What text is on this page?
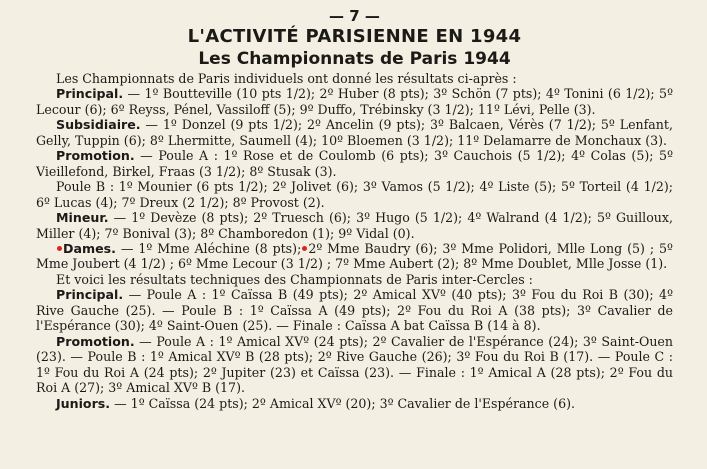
— 7 —
L'ACTIVITÉ PARISIENNE EN 1944
Les Championnats de Paris 1944

Les Championnats de Paris individuels ont donné les résultats ci-après :

Principal. — 1º Boutteville (10 pts 1/2); 2º Huber (8 pts); 3º Schön (7 pts); 4º Tonini (6 1/2); 5º Lecour (6); 6º Reyss, Pénel, Vassiloff (5); 9º Duffo, Trébinsky (3 1/2); 11º Lévi, Pelle (3).

Subsidiaire. — 1º Donzel (9 pts 1/2); 2º Ancelin (9 pts); 3º Balcaen, Vérès (7 1/2); 5º Lenfant, Gelly, Tuppin (6); 8º Lhermitte, Saumell (4); 10º Bloemen (3 1/2); 11º Delamarre de Monchaux (3).

Promotion. — Poule A : 1º Rose et de Coulomb (6 pts); 3º Cauchois (5 1/2); 4º Colas (5); 5º Vieillefond, Birkel, Fraas (3 1/2); 8º Stusak (3).

Poule B : 1º Mounier (6 pts 1/2); 2º Jolivet (6); 3º Vamos (5 1/2); 4º Liste (5); 5º Torteil (4 1/2); 6º Lucas (4); 7º Dreux (2 1/2); 8º Provost (2).

Mineur. — 1º Devèze (8 pts); 2º Truesch (6); 3º Hugo (5 1/2); 4º Walrand (4 1/2); 5º Guilloux, Miller (4); 7º Bonival (3); 8º Chamboredon (1); 9º Vidal (0).

Dames. — 1º Mme Aléchine (8 pts); 2º Mme Baudry (6); 3º Mme Polidori, Mlle Long (5) ; 5º Mme Joubert (4 1/2) ; 6º Mme Lecour (3 1/2) ; 7º Mme Aubert (2); 8º Mme Doublet, Mlle Josse (1).

Et voici les résultats techniques des Championnats de Paris inter-Cercles :

Principal. — Poule A : 1º Caïssa B (49 pts); 2º Amical XVº (40 pts); 3º Fou du Roi B (30); 4º Rive Gauche (25). — Poule B : 1º Caïssa A (49 pts); 2º Fou du Roi A (38 pts); 3º Cavalier de l'Espérance (30); 4º Saint-Ouen (25). — Finale : Caïssa A bat Caïssa B (14 à 8).

Promotion. — Poule A : 1º Amical XVº (24 pts); 2º Cavalier de l'Espérance (24); 3º Saint-Ouen (23). — Poule B : 1º Amical XVº B (28 pts); 2º Rive Gauche (26); 3º Fou du Roi B (17). — Poule C : 1º Fou du Roi A (24 pts); 2º Jupiter (23) et Caïssa (23). — Finale : 1º Amical A (28 pts); 2º Fou du Roi A (27); 3º Amical XVº B (17).

Juniors. — 1º Caïssa (24 pts); 2º Amical XVº (20); 3º Cavalier de l'Espérance (6).
